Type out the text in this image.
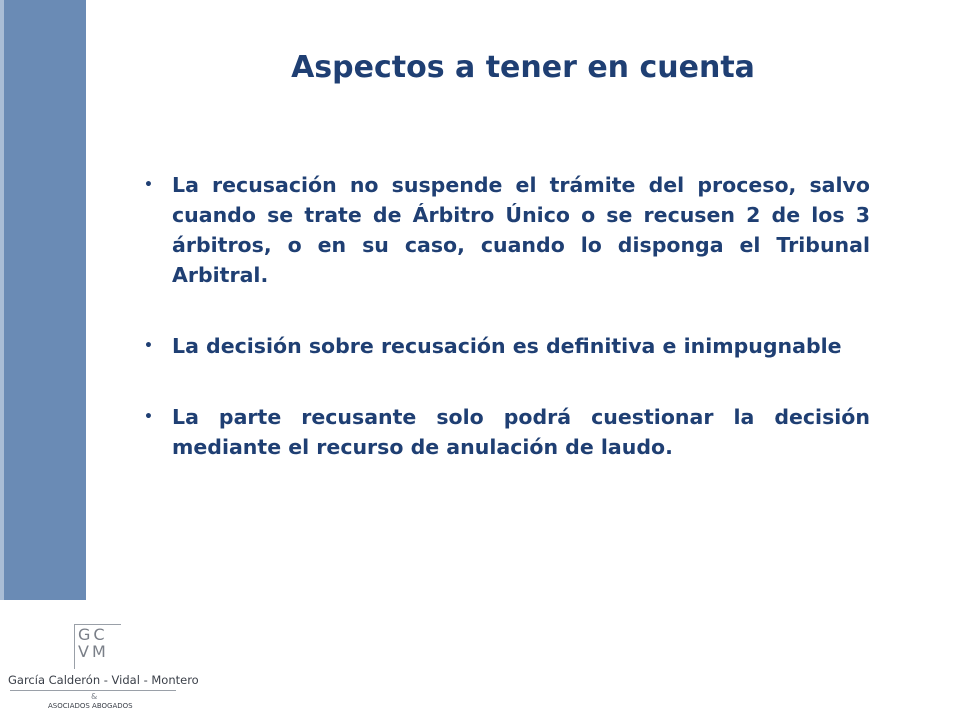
Aspectos a tener en cuenta
• La recusación no suspende el trámite del proceso, salvo cuando se trate de Árbitro Único o se recusen 2 de los 3 árbitros, o en su caso, cuando lo disponga el Tribunal Arbitral.
• La decisión sobre recusación es definitiva e inimpugnable
• La parte recusante solo podrá cuestionar la decisión mediante el recurso de anulación de laudo.
GC
VM
García Calderón - Vidal - Montero
&
ASOCIADOS ABOGADOS
